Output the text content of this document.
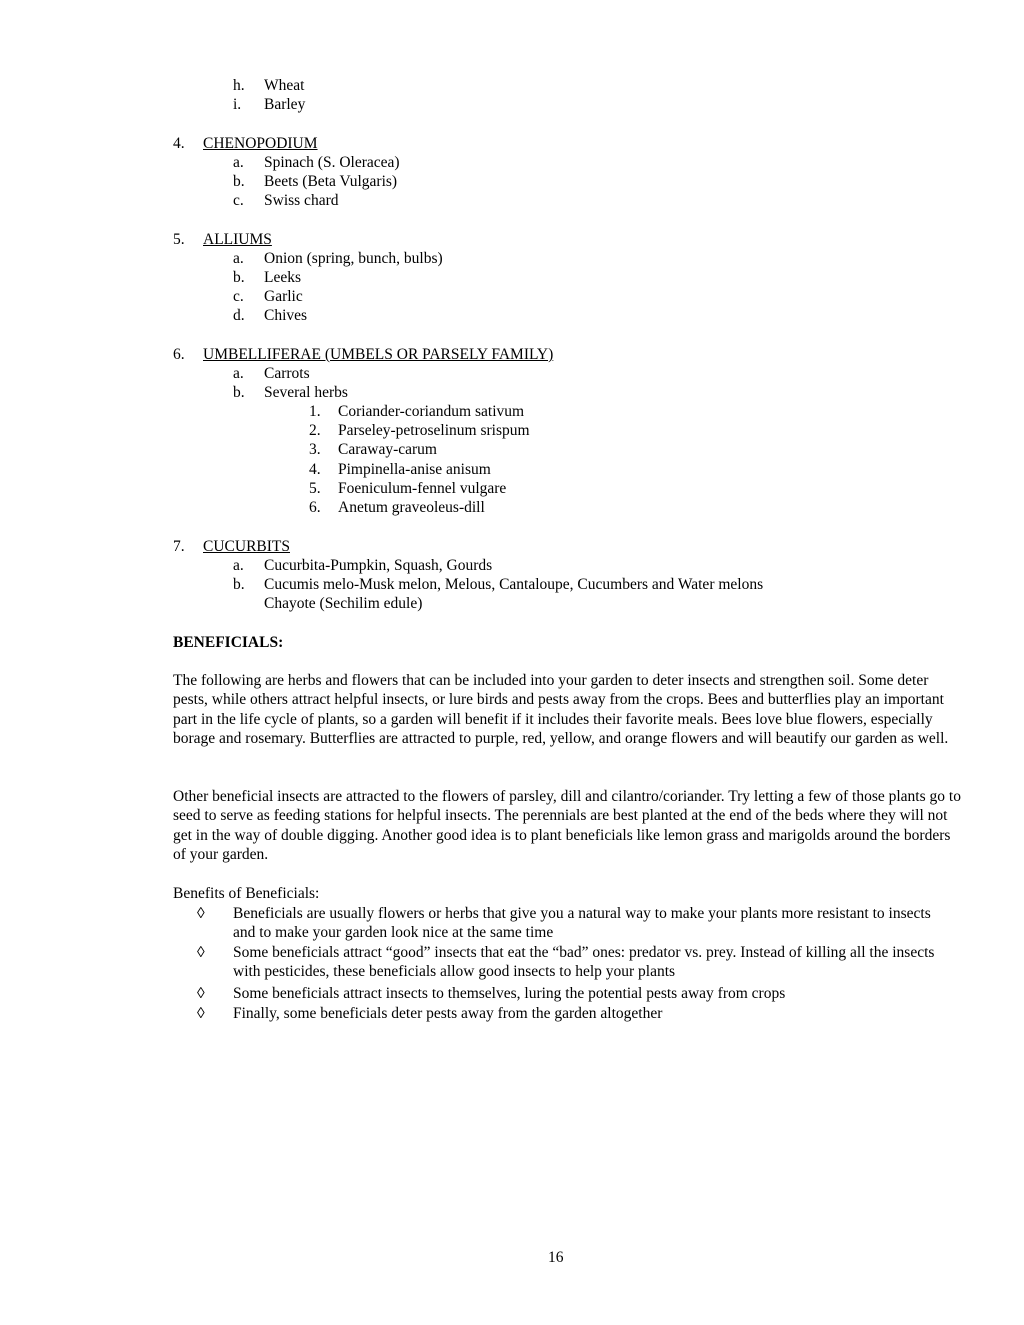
h. Wheat
i. Barley
4. CHENOPODIUM
a. Spinach (S. Oleracea)
b. Beets (Beta Vulgaris)
c. Swiss chard
5. ALLIUMS
a. Onion (spring, bunch, bulbs)
b. Leeks
c. Garlic
d. Chives
6. UMBELLIFERAE (UMBELS OR PARSELY FAMILY)
a. Carrots
b. Several herbs
1. Coriander-coriandum sativum
2. Parseley-petroselinum srispum
3. Caraway-carum
4. Pimpinella-anise anisum
5. Foeniculum-fennel vulgare
6. Anetum graveoleus-dill
7. CUCURBITS
a. Cucurbita-Pumpkin, Squash, Gourds
b. Cucumis melo-Musk melon, Melous, Cantaloupe, Cucumbers and Water melons
Chayote (Sechilim edule)
BENEFICIALS:
The following are herbs and flowers that can be included into your garden to deter insects and strengthen soil. Some deter pests, while others attract helpful insects, or lure birds and pests away from the crops. Bees and butterflies play an important part in the life cycle of plants, so a garden will benefit if it includes their favorite meals. Bees love blue flowers, especially borage and rosemary. Butterflies are attracted to purple, red, yellow, and orange flowers and will beautify our garden as well.
Other beneficial insects are attracted to the flowers of parsley, dill and cilantro/coriander. Try letting a few of those plants go to seed to serve as feeding stations for helpful insects. The perennials are best planted at the end of the beds where they will not get in the way of double digging. Another good idea is to plant beneficials like lemon grass and marigolds around the borders of your garden.
Benefits of Beneficials:
◊ Beneficials are usually flowers or herbs that give you a natural way to make your plants more resistant to insects and to make your garden look nice at the same time
◊ Some beneficials attract “good” insects that eat the “bad” ones: predator vs. prey. Instead of killing all the insects with pesticides, these beneficials allow good insects to help your plants
◊ Some beneficials attract insects to themselves, luring the potential pests away from crops
◊ Finally, some beneficials deter pests away from the garden altogether
16
